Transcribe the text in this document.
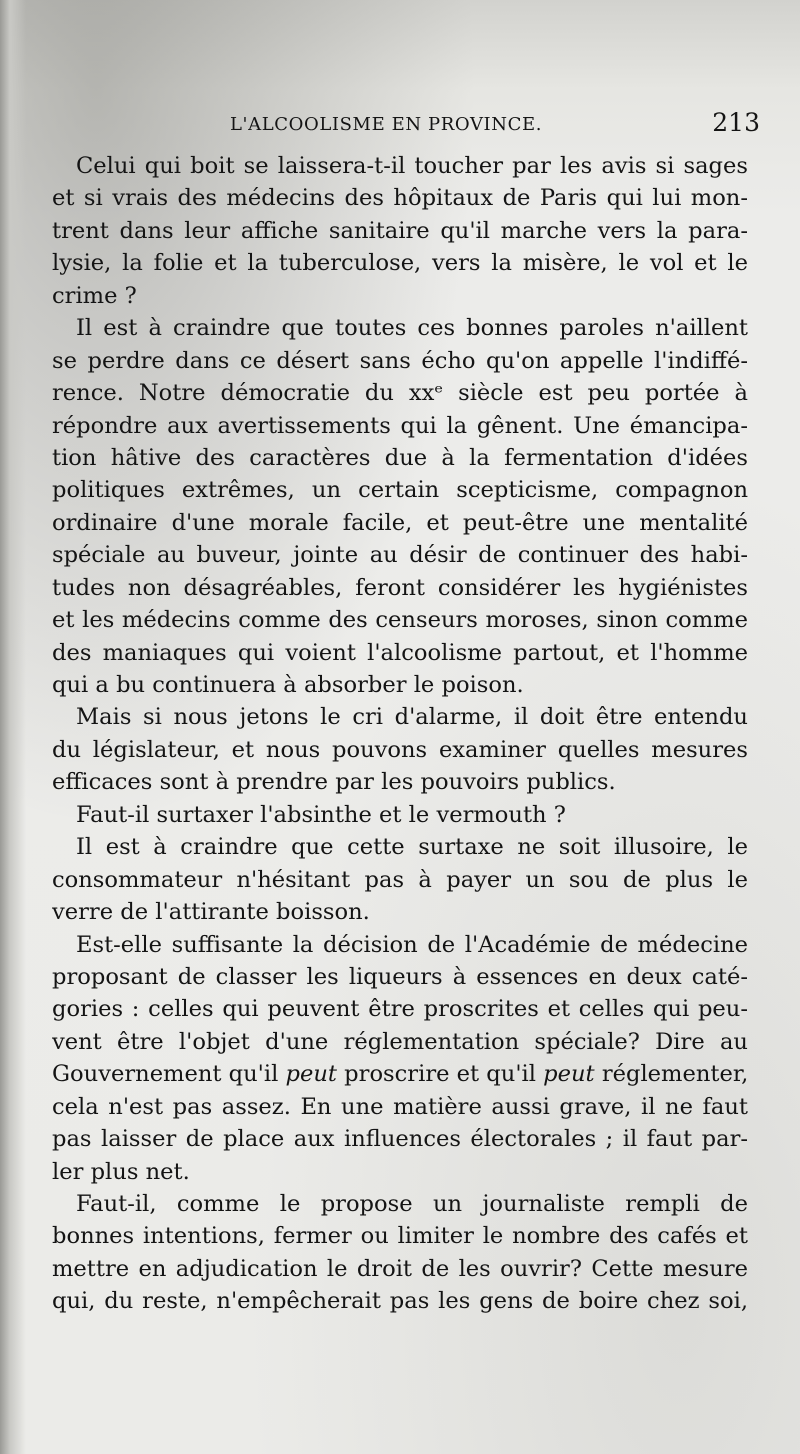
L'ALCOOLISME EN PROVINCE.	213
Celui qui boit se laissera-t-il toucher par les avis si sages
et si vrais des médecins des hôpitaux de Paris qui lui mon-
trent dans leur affiche sanitaire qu'il marche vers la para-
lysie, la folie et la tuberculose, vers la misère, le vol et le
crime ?
Il est à craindre que toutes ces bonnes paroles n'aillent
se perdre dans ce désert sans écho qu'on appelle l'indiffé-
rence. Notre démocratie du xxᵉ siècle est peu portée à
répondre aux avertissements qui la gênent. Une émancipa-
tion hâtive des caractères due à la fermentation d'idées
politiques extrêmes, un certain scepticisme, compagnon
ordinaire d'une morale facile, et peut-être une mentalité
spéciale au buveur, jointe au désir de continuer des habi-
tudes non désagréables, feront considérer les hygiénistes
et les médecins comme des censeurs moroses, sinon comme
des maniaques qui voient l'alcoolisme partout, et l'homme
qui a bu continuera à absorber le poison.
Mais si nous jetons le cri d'alarme, il doit être entendu
du législateur, et nous pouvons examiner quelles mesures
efficaces sont à prendre par les pouvoirs publics.
Faut-il surtaxer l'absinthe et le vermouth ?
Il est à craindre que cette surtaxe ne soit illusoire, le
consommateur n'hésitant pas à payer un sou de plus le
verre de l'attirante boisson.
Est-elle suffisante la décision de l'Académie de médecine
proposant de classer les liqueurs à essences en deux caté-
gories : celles qui peuvent être proscrites et celles qui peu-
vent être l'objet d'une réglementation spéciale? Dire au
Gouvernement qu'il peut proscrire et qu'il peut réglementer,
cela n'est pas assez. En une matière aussi grave, il ne faut
pas laisser de place aux influences électorales ; il faut par-
ler plus net.
Faut-il, comme le propose un journaliste rempli de
bonnes intentions, fermer ou limiter le nombre des cafés et
mettre en adjudication le droit de les ouvrir? Cette mesure
qui, du reste, n'empêcherait pas les gens de boire chez soi,
